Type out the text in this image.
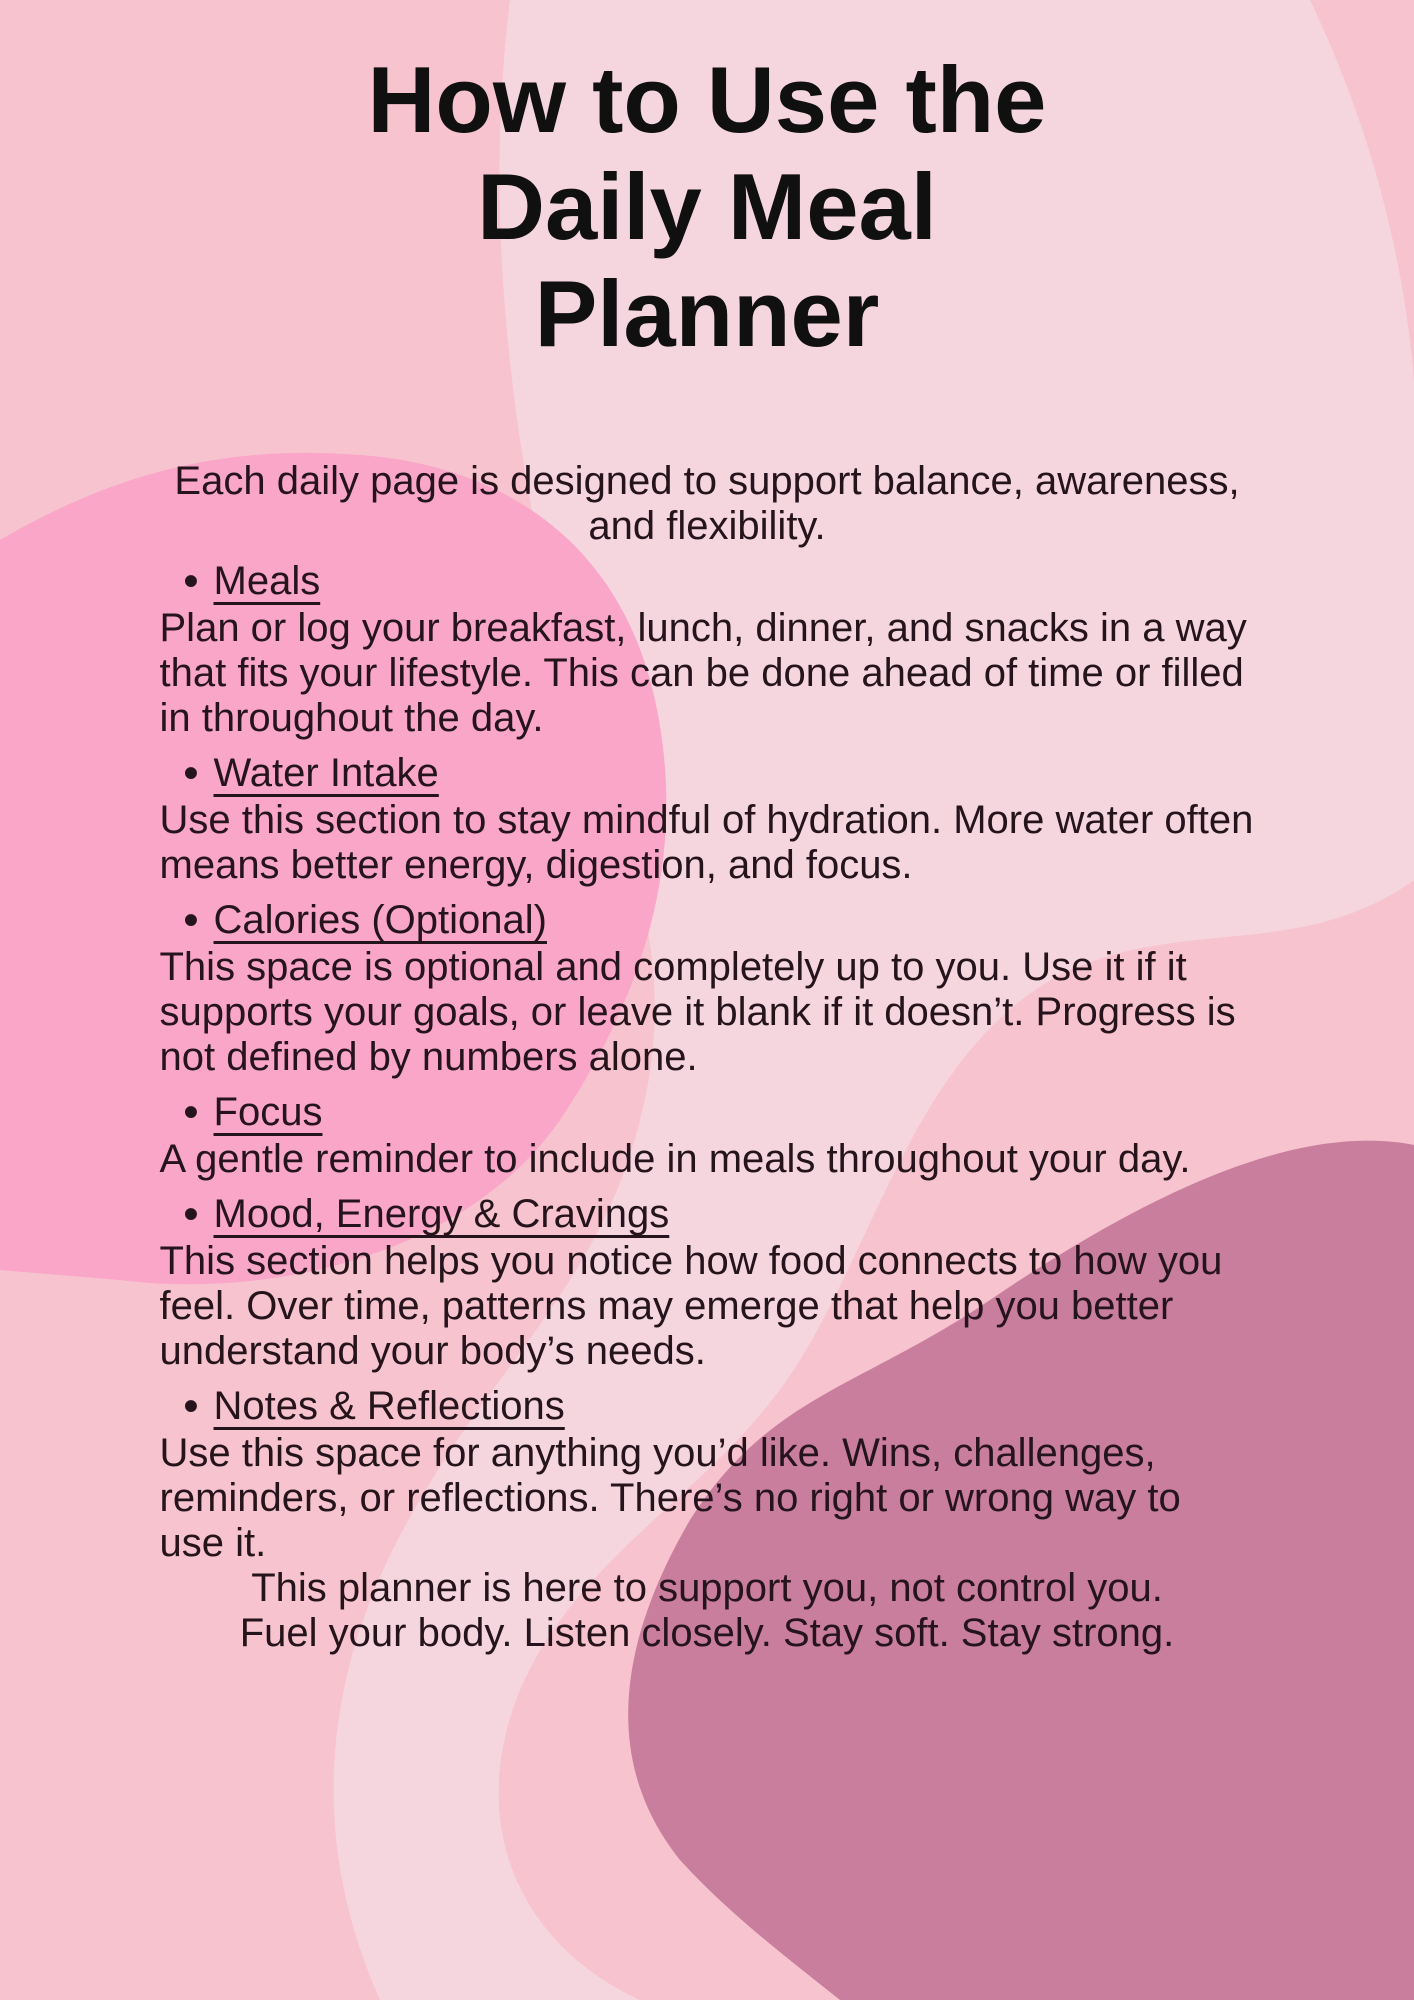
How to Use the
Daily Meal
Planner

Each daily page is designed to support balance, awareness, and flexibility.

• Meals

Plan or log your breakfast, lunch, dinner, and snacks in a way that fits your lifestyle. This can be done ahead of time or filled in throughout the day.

• Water Intake

Use this section to stay mindful of hydration. More water often means better energy, digestion, and focus.

• Calories (Optional)

This space is optional and completely up to you. Use it if it supports your goals, or leave it blank if it doesn’t. Progress is not defined by numbers alone.

• Focus

A gentle reminder to include in meals throughout your day.

• Mood, Energy & Cravings

This section helps you notice how food connects to how you feel. Over time, patterns may emerge that help you better understand your body’s needs.

• Notes & Reflections

Use this space for anything you’d like. Wins, challenges, reminders, or reflections. There’s no right or wrong way to use it.

This planner is here to support you, not control you.

Fuel your body. Listen closely. Stay soft. Stay strong.
